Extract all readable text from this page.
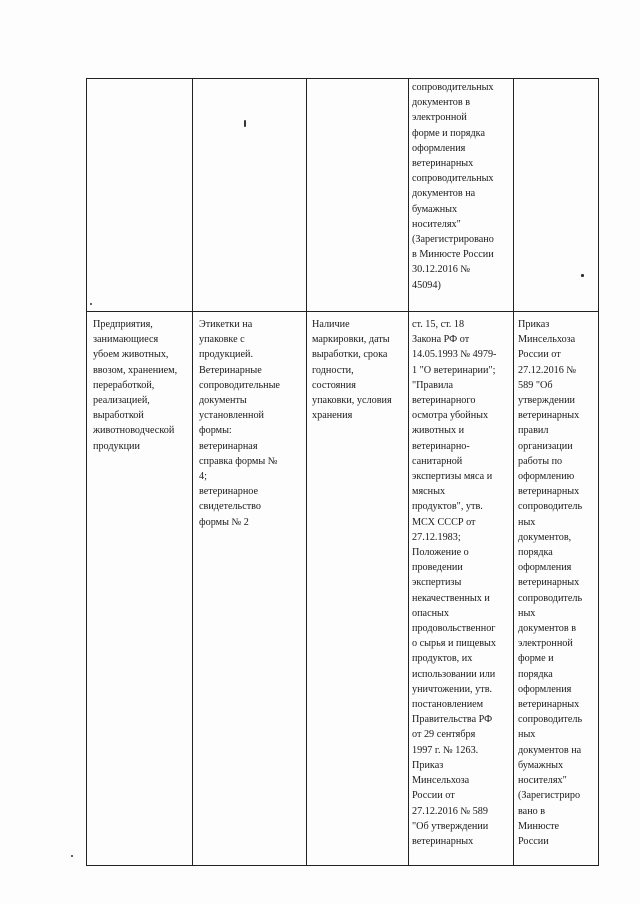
сопроводительных
документов в
электронной
форме и порядка
оформления
ветеринарных
сопроводительных
документов на
бумажных
носителях"
(Зарегистрировано
в Минюсте России
30.12.2016 №
45094)
Предприятия,
занимающиеся
убоем животных,
ввозом, хранением,
переработкой,
реализацией,
выработкой
животноводческой
продукции
Этикетки на
упаковке с
продукцией.
Ветеринарные
сопроводительные
документы
установленной
формы:
ветеринарная
справка формы №
4;
ветеринарное
свидетельство
формы № 2
Наличие
маркировки, даты
выработки, срока
годности,
состояния
упаковки, условия
хранения
ст. 15, ст. 18
Закона РФ от
14.05.1993 № 4979-
1 "О ветеринарии";
"Правила
ветеринарного
осмотра убойных
животных и
ветеринарно-
санитарной
экспертизы мяса и
мясных
продуктов", утв.
МСХ СССР от
27.12.1983;
Положение о
проведении
экспертизы
некачественных и
опасных
продовольственног
о сырья и пищевых
продуктов, их
использовании или
уничтожении, утв.
постановлением
Правительства РФ
от 29 сентября
1997 г. № 1263.
Приказ
Минсельхоза
России от
27.12.2016 № 589
"Об утверждении
ветеринарных
Приказ
Минсельхоза
России от
27.12.2016 №
589 "Об
утверждении
ветеринарных
правил
организации
работы по
оформлению
ветеринарных
сопроводитель
ных
документов,
порядка
оформления
ветеринарных
сопроводитель
ных
документов в
электронной
форме и
порядка
оформления
ветеринарных
сопроводитель
ных
документов на
бумажных
носителях"
(Зарегистриро
вано в
Минюсте
России
